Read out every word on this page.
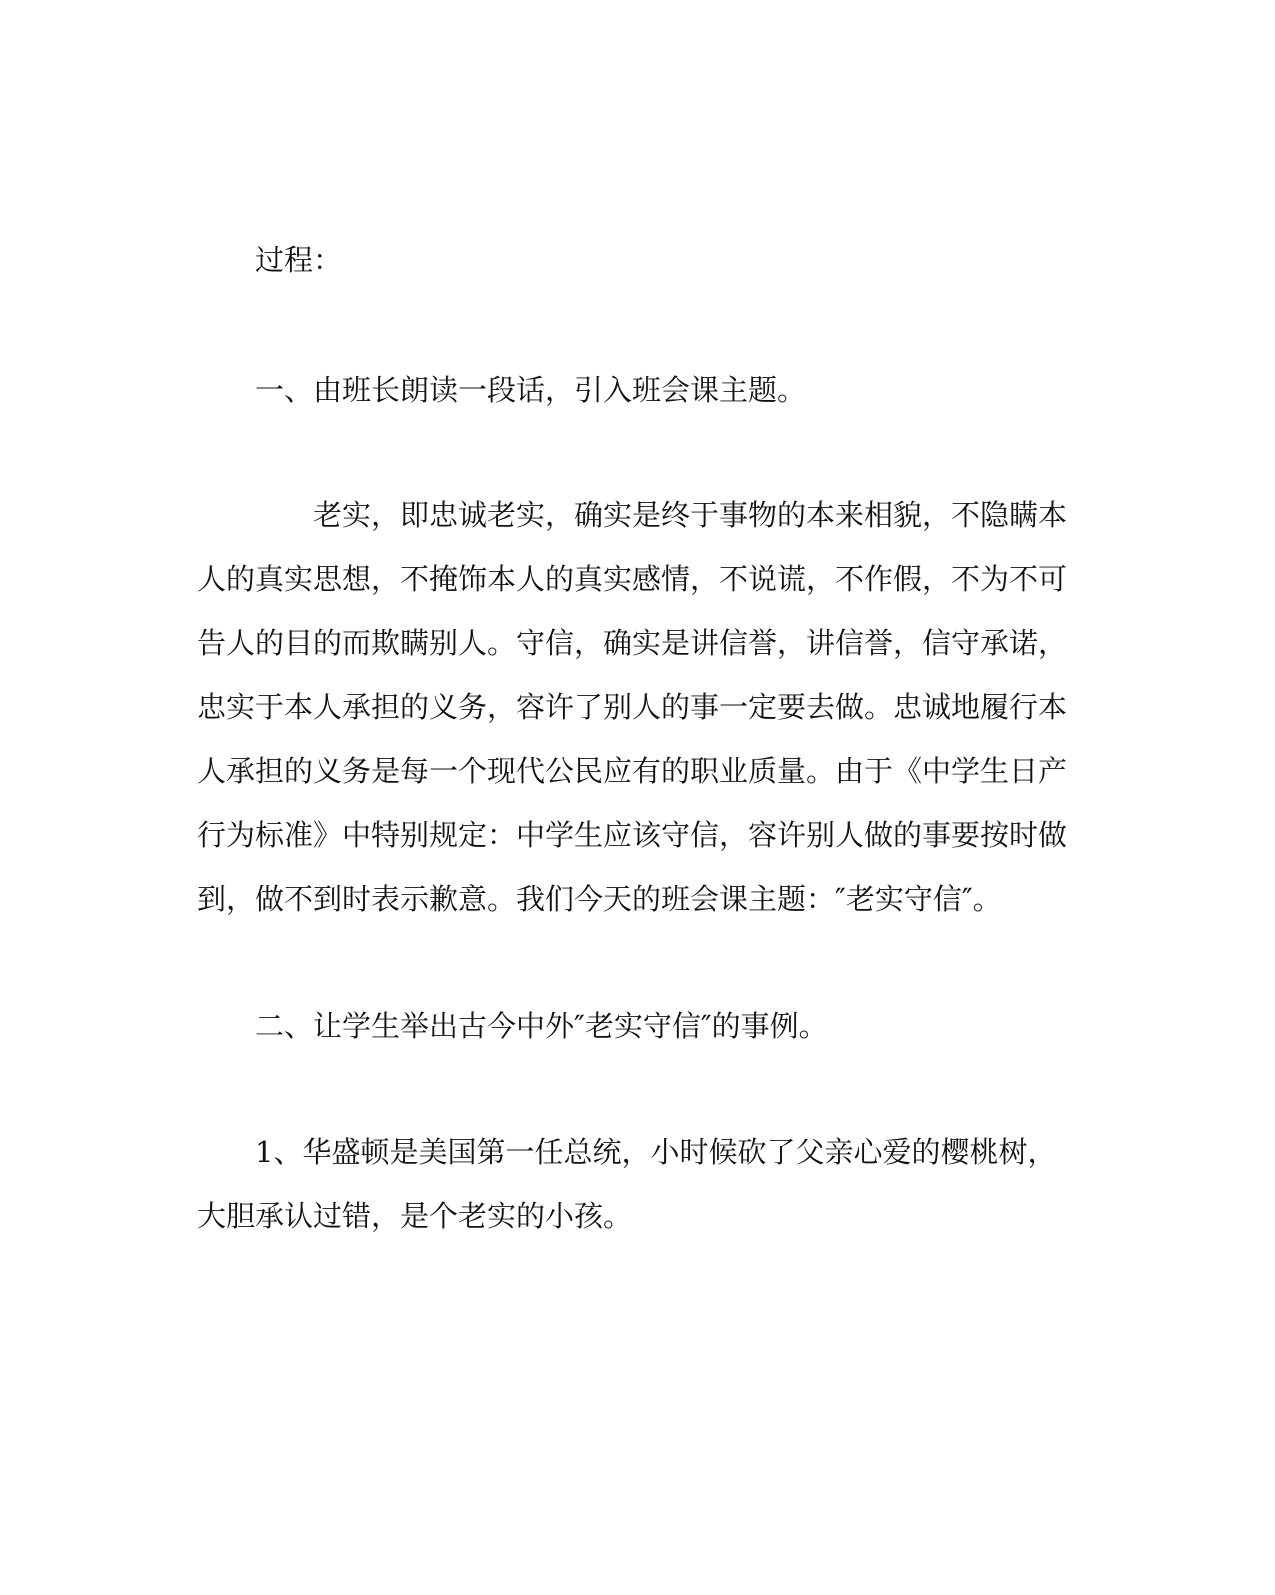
过程：

一、由班长朗读一段话，引入班会课主题。

老实，即忠诚老实，确实是终于事物的本来相貌，不隐瞒本人的真实思想，不掩饰本人的真实感情，不说谎，不作假，不为不可告人的目的而欺瞒别人。守信，确实是讲信誉，讲信誉，信守承诺，忠实于本人承担的义务，容许了别人的事一定要去做。忠诚地履行本人承担的义务是每一个现代公民应有的职业质量。由于《中学生日产行为标准》中特别规定：中学生应该守信，容许别人做的事要按时做到，做不到时表示歉意。我们今天的班会课主题：″老实守信″。

二、让学生举出古今中外″老实守信″的事例。

1、华盛顿是美国第一任总统，小时候砍了父亲心爱的樱桃树，大胆承认过错，是个老实的小孩。
